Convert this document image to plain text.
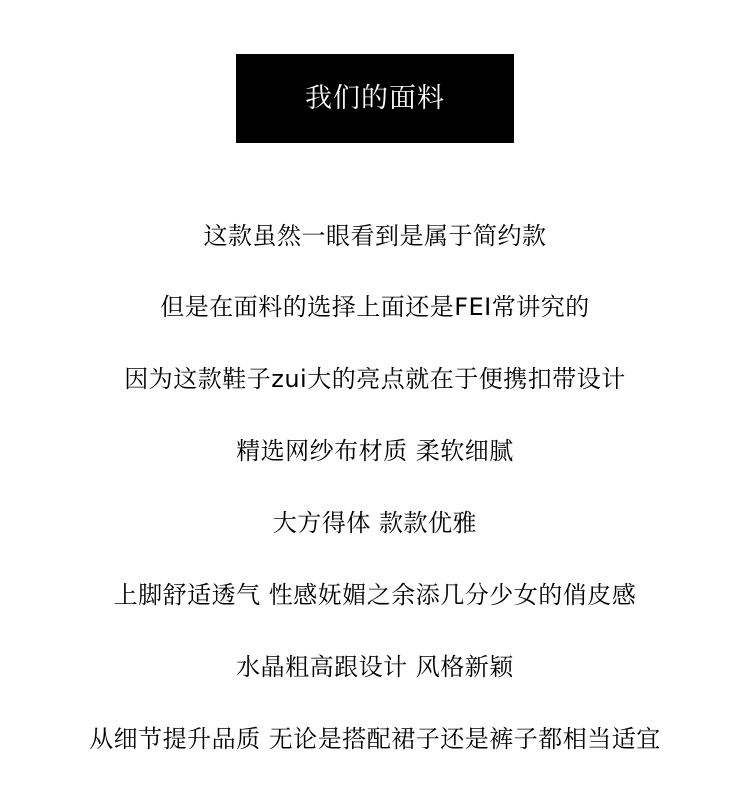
我们的面料
这款虽然一眼看到是属于简约款
但是在面料的选择上面还是FEI常讲究的
因为这款鞋子zui大的亮点就在于便携扣带设计
精选网纱布材质 柔软细腻
大方得体 款款优雅
上脚舒适透气 性感妩媚之余添几分少女的俏皮感
水晶粗高跟设计 风格新颖
从细节提升品质 无论是搭配裙子还是裤子都相当适宜
